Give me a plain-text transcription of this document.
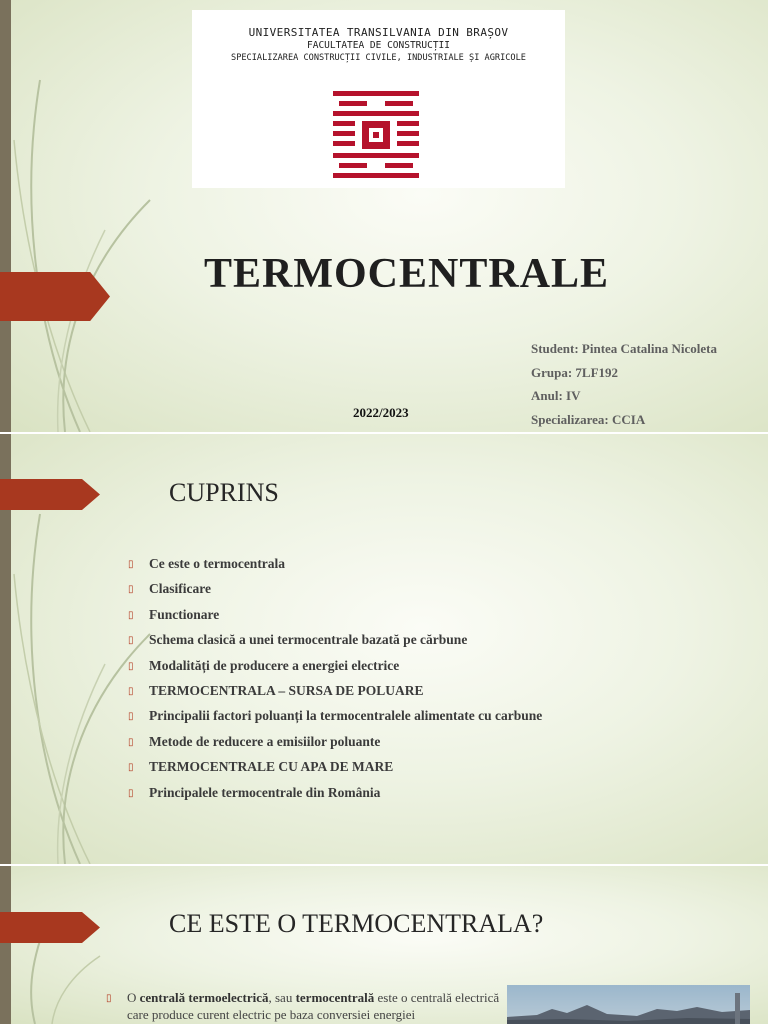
UNIVERSITATEA TRANSILVANIA DIN BRAȘOV
FACULTATEA DE CONSTRUCȚII
SPECIALIZAREA CONSTRUCȚII CIVILE, INDUSTRIALE ȘI AGRICOLE
TERMOCENTRALE
2022/2023
Student: Pintea Catalina Nicoleta
Grupa: 7LF192
Anul: IV
Specializarea: CCIA
CUPRINS
▯ Ce este o termocentrala
▯ Clasificare
▯ Functionare
▯ Schema clasică a unei termocentrale bazată pe cărbune
▯ Modalități de producere a energiei electrice
▯ TERMOCENTRALA – SURSA DE POLUARE
▯ Principalii factori poluanți la termocentralele alimentate cu carbune
▯ Metode de reducere a emisiilor poluante
▯ TERMOCENTRALE CU APA DE MARE
▯ Principalele termocentrale din România
CE ESTE O TERMOCENTRALA?
▯	O centrală termoelectrică, sau termocentrală este o centrală electrică care produce curent electric pe baza conversiei energiei
